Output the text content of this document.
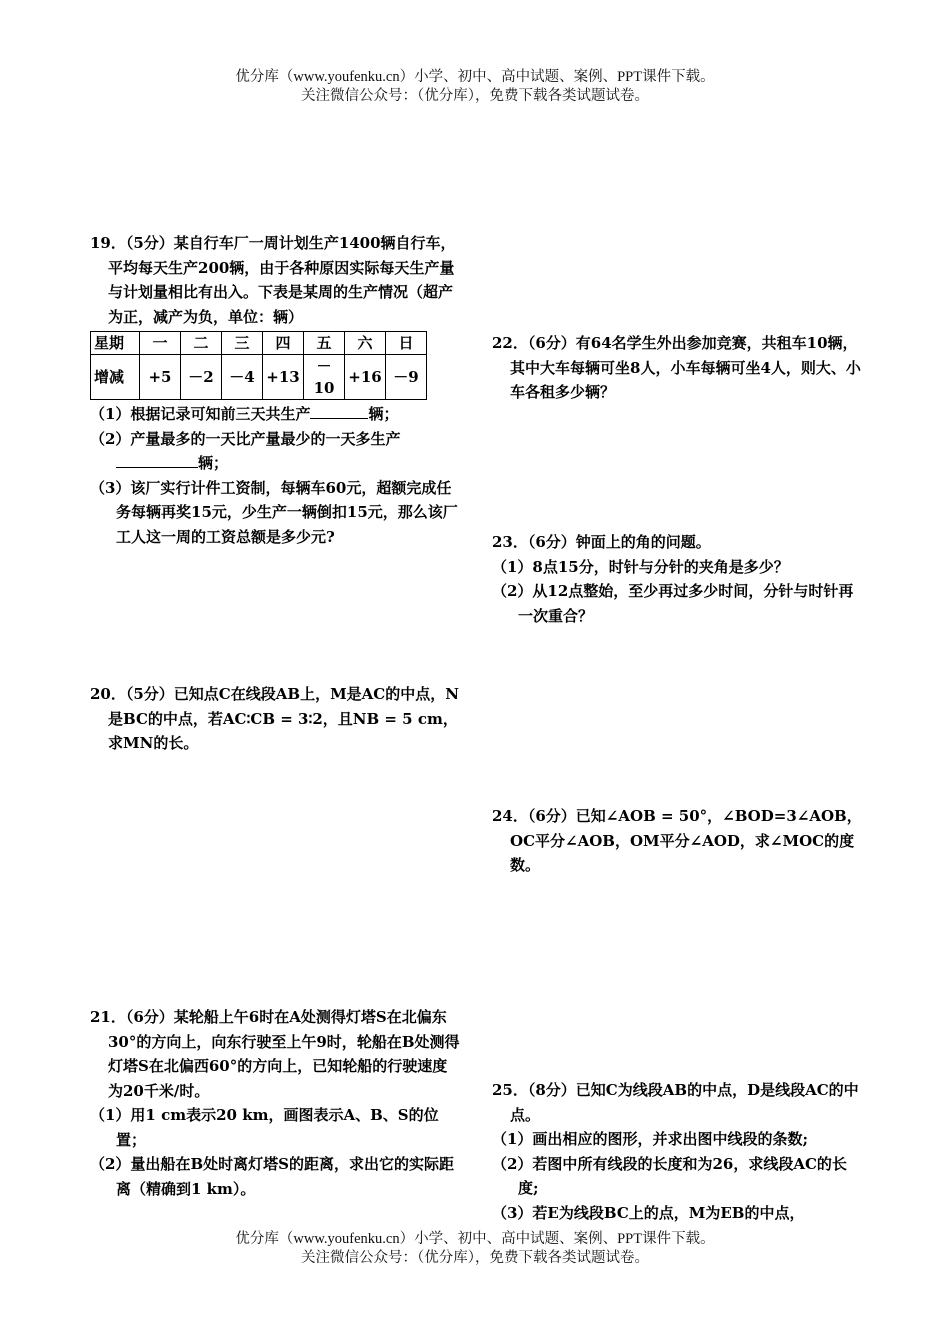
优分库（www.youfenku.cn）小学、初中、高中试题、案例、PPT课件下载。
关注微信公众号：（优分库），免费下载各类试题试卷。

19．（5分）某自行车厂一周计划生产1400辆自行车，平均每天生产200辆，由于各种原因实际每天生产量与计划量相比有出入。下表是某周的生产情况（超产为正，减产为负，单位：辆）

星期	一	二	三	四	五	六	日
增减	+5	－2	－4	+13	－10	+16	－9

（1）根据记录可知前三天共生产	辆；

（2）产量最多的一天比产量最少的一天多生产辆；

（3）该厂实行计件工资制，每辆车60元，超额完成任务每辆再奖15元，少生产一辆倒扣15元，那么该厂工人这一周的工资总额是多少元?

20．（5分）已知点C在线段AB上，M是AC的中点，N是BC的中点，若AC∶CB = 3∶2，且NB = 5 cm，求MN的长。

21．（6分）某轮船上午6时在A处测得灯塔S在北偏东30°的方向上，向东行驶至上午9时，轮船在B处测得灯塔S在北偏西60°的方向上，已知轮船的行驶速度为20千米/时。

（1）用1 cm表示20 km，画图表示A、B、S的位置；

（2）量出船在B处时离灯塔S的距离，求出它的实际距离（精确到1 km）。

22．（6分）有64名学生外出参加竞赛，共租车10辆，其中大车每辆可坐8人，小车每辆可坐4人，则大、小车各租多少辆？

23．（6分）钟面上的角的问题。

（1）8点15分，时针与分针的夹角是多少？

（2）从12点整始，至少再过多少时间，分针与时针再一次重合？

24．（6分）已知∠AOB = 50°，∠BOD=3∠AOB，OC平分∠AOB，OM平分∠AOD，求∠MOC的度数。

25．（8分）已知C为线段AB的中点，D是线段AC的中点。

（1）画出相应的图形，并求出图中线段的条数;

（2）若图中所有线段的长度和为26，求线段AC的长度;

（3）若E为线段BC上的点，M为EB的中点，

优分库（www.youfenku.cn）小学、初中、高中试题、案例、PPT课件下载。
关注微信公众号：（优分库），免费下载各类试题试卷。
